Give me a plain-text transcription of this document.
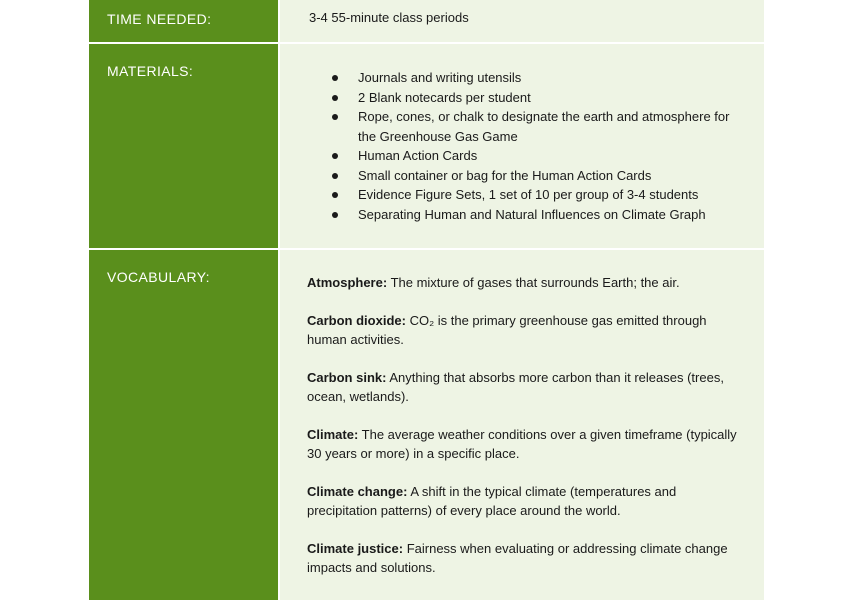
TIME NEEDED:	3-4 55-minute class periods
MATERIALS:	Journals and writing utensils
2 Blank notecards per student
Rope, cones, or chalk to designate the earth and atmosphere for the Greenhouse Gas Game
Human Action Cards
Small container or bag for the Human Action Cards
Evidence Figure Sets, 1 set of 10 per group of 3-4 students
Separating Human and Natural Influences on Climate Graph
VOCABULARY:	Atmosphere: The mixture of gases that surrounds Earth; the air.
Carbon dioxide: CO₂ is the primary greenhouse gas emitted through human activities.
Carbon sink: Anything that absorbs more carbon than it releases (trees, ocean, wetlands).
Climate: The average weather conditions over a given timeframe (typically 30 years or more) in a specific place.
Climate change: A shift in the typical climate (temperatures and precipitation patterns) of every place around the world.
Climate justice: Fairness when evaluating or addressing climate change impacts and solutions.
